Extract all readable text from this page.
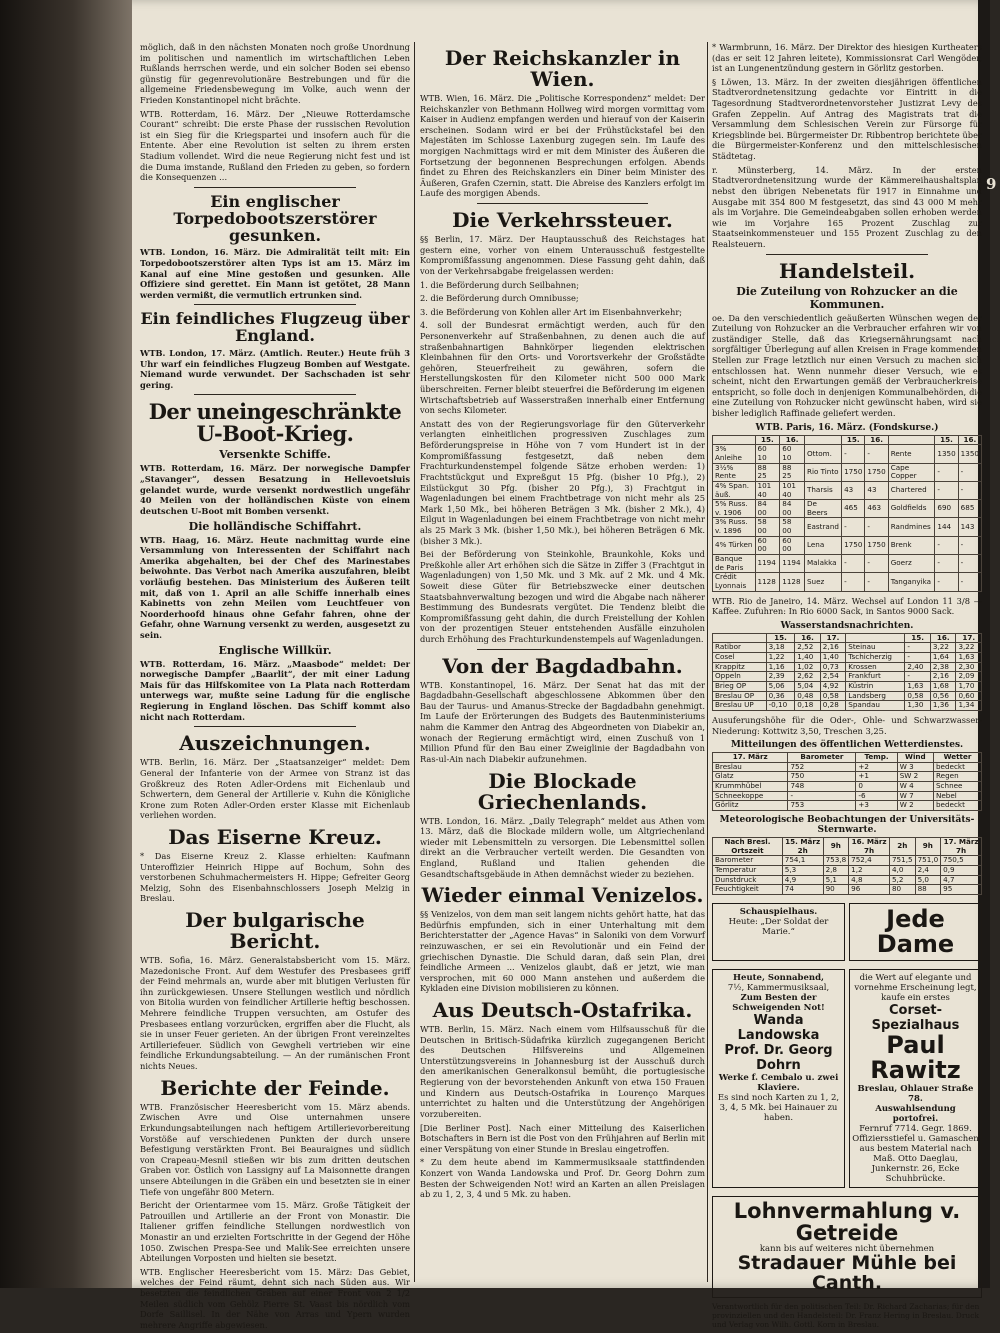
9

möglich, daß in den nächsten Monaten noch große Unordnung im politischen und namentlich im wirtschaftlichen Leben Rußlands herrschen werde, und ein solcher Boden sei ebenso günstig für gegenrevolutionäre Bestrebungen und für die allgemeine Friedensbewegung im Volke, auch wenn der Frieden Konstantinopel nicht brächte.

WTB. Rotterdam, 16. März. Der „Nieuwe Rotterdamsche Courant“ schreibt: Die erste Phase der russischen Revolution ist ein Sieg für die Kriegspartei und insofern auch für die Entente. Aber eine Revolution ist selten zu ihrem ersten Stadium vollendet. Wird die neue Regierung nicht fest und ist die Duma imstande, Rußland den Frieden zu geben, so fordern die Konsequenzen ...

Ein englischer Torpedobootszerstörer gesunken.

WTB. London, 16. März. Die Admiralität teilt mit: Ein Torpedobootszerstörer alten Typs ist am 15. März im Kanal auf eine Mine gestoßen und gesunken. Alle Offiziere sind gerettet. Ein Mann ist getötet, 28 Mann werden vermißt, die vermutlich ertrunken sind.

Ein feindliches Flugzeug über England.

WTB. London, 17. März. (Amtlich. Reuter.) Heute früh 3 Uhr warf ein feindliches Flugzeug Bomben auf Westgate. Niemand wurde verwundet. Der Sachschaden ist sehr gering.

Der uneingeschränkte U-Boot-Krieg.
Versenkte Schiffe.

WTB. Rotterdam, 16. März. Der norwegische Dampfer „Stavanger“, dessen Besatzung in Hellevoetsluis gelandet wurde, wurde versenkt nordwestlich ungefähr 40 Meilen von der holländischen Küste von einem deutschen U-Boot mit Bomben versenkt.

Die holländische Schiffahrt.

WTB. Haag, 16. März. Heute nachmittag wurde eine Versammlung von Interessenten der Schiffahrt nach Amerika abgehalten, bei der Chef des Marinestabes beiwohnte. Das Verbot nach Amerika auszufahren, bleibt vorläufig bestehen. Das Ministerium des Äußeren teilt mit, daß von 1. April an alle Schiffe innerhalb eines Kabinetts von zehn Meilen vom Leuchtfeuer von Noorderhoofd hinaus ohne Gefahr fahren, ohne der Gefahr, ohne Warnung versenkt zu werden, ausgesetzt zu sein.

Englische Willkür.

WTB. Rotterdam, 16. März. „Maasbode“ meldet: Der norwegische Dampfer „Baarlit“, der mit einer Ladung Mais für das Hilfskomitee von La Plata nach Rotterdam unterwegs war, mußte seine Ladung für die englische Regierung in England löschen. Das Schiff kommt also nicht nach Rotterdam.

Auszeichnungen.

WTB. Berlin, 16. März. Der „Staatsanzeiger“ meldet: Dem General der Infanterie von der Armee von Stranz ist das Großkreuz des Roten Adler-Ordens mit Eichenlaub und Schwertern, dem General der Artillerie v. Kuhn die Königliche Krone zum Roten Adler-Orden erster Klasse mit Eichenlaub verliehen worden.

Das Eiserne Kreuz.

* Das Eiserne Kreuz 2. Klasse erhielten: Kaufmann Unteroffizier Heinrich Hippe auf Bochum, Sohn des verstorbenen Schuhmachermeisters H. Hippe; Gefreiter Georg Melzig, Sohn des Eisenbahnschlossers Joseph Melzig in Breslau.

Der bulgarische Bericht.

WTB. Sofia, 16. März. Generalstabsbericht vom 15. März. Mazedonische Front. Auf dem Westufer des Presbasees griff der Feind mehrmals an, wurde aber mit blutigen Verlusten für ihn zurückgewiesen. Unsere Stellungen westlich und nördlich von Bitolia wurden von feindlicher Artillerie heftig beschossen. Mehrere feindliche Truppen versuchten, am Ostufer des Presbasees entlang vorzurücken, ergriffen aber die Flucht, als sie in unser Feuer gerieten. An der übrigen Front vereinzeltes Artilleriefeuer. Südlich von Gewgheli vertrieben wir eine feindliche Erkundungsabteilung. — An der rumänischen Front nichts Neues.

Berichte der Feinde.

WTB. Französischer Heeresbericht vom 15. März abends. Zwischen Avre und Oise unternahmen unsere Erkundungsabteilungen nach heftigem Artillerievorbereitung Vorstöße auf verschiedenen Punkten der durch unsere Befestigung verstärkten Front. Bei Beauraignes und südlich von Crapeau-Mesnil stießen wir bis zum dritten deutschen Graben vor. Östlich von Lassigny auf La Maisonnette drangen unsere Abteilungen in die Gräben ein und besetzten sie in einer Tiefe von ungefähr 800 Metern.

Bericht der Orientarmee vom 15. März. Große Tätigkeit der Patrouillen und Artillerie an der Front von Monastir. Die Italiener griffen feindliche Stellungen nordwestlich von Monastir an und erzielten Fortschritte in der Gegend der Höhe 1050. Zwischen Prespa-See und Malik-See erreichten unsere Abteilungen Vorposten und hielten sie besetzt.

WTB. Englischer Heeresbericht vom 15. März: Das Gebiet, welches der Feind räumt, dehnt sich nach Süden aus. Wir besetzten die feindlichen Gräben auf einer Front von 2 1/2 Meilen südlich vom Gehölz Pierre St. Vaast bis nördlich vom Dorfe Saillisel. In der Nähe von Arras und Ypern wurden mehrere Angriffe abgewiesen.

Der Reichskanzler in Wien.

WTB. Wien, 16. März. Die „Politische Korrespondenz“ meldet: Der Reichskanzler von Bethmann Hollweg wird morgen vormittag vom Kaiser in Audienz empfangen werden und hierauf von der Kaiserin erscheinen. Sodann wird er bei der Frühstückstafel bei den Majestäten im Schlosse Laxenburg zugegen sein. Im Laufe des morgigen Nachmittags wird er mit dem Minister des Äußeren die Fortsetzung der begonnenen Besprechungen erfolgen. Abends findet zu Ehren des Reichskanzlers ein Diner beim Minister des Äußeren, Grafen Czernin, statt. Die Abreise des Kanzlers erfolgt im Laufe des morgigen Abends.

Die Verkehrssteuer.

§§ Berlin, 17. März. Der Hauptausschuß des Reichstages hat gestern eine, vorher von einem Unterausschuß festgestellte Kompromißfassung angenommen. Diese Fassung geht dahin, daß von der Verkehrsabgabe freigelassen werden:

1. die Beförderung durch Seilbahnen;

2. die Beförderung durch Omnibusse;

3. die Beförderung von Kohlen aller Art im Eisenbahnverkehr;

4. soll der Bundesrat ermächtigt werden, auch für den Personenverkehr auf Straßenbahnen, zu denen auch die auf straßenbahnartigen Bahnkörper liegenden elektrischen Kleinbahnen für den Orts- und Vorortsverkehr der Großstädte gehören, Steuerfreiheit zu gewähren, sofern die Herstellungskosten für den Kilometer nicht 500 000 Mark überschreiten. Ferner bleibt steuerfrei die Beförderung im eigenen Wirtschaftsbetrieb auf Wasserstraßen innerhalb einer Entfernung von sechs Kilometer.

Anstatt des von der Regierungsvorlage für den Güterverkehr verlangten einheitlichen progressiven Zuschlages zum Beförderungspreise in Höhe von 7 vom Hundert ist in der Kompromißfassung festgesetzt, daß neben dem Frachturkundenstempel folgende Sätze erhoben werden: 1) Frachtstückgut und Expreßgut 15 Pfg. (bisher 10 Pfg.), 2) Eilstückgut 30 Pfg. (bisher 20 Pfg.), 3) Frachtgut in Wagenladungen bei einem Frachtbetrage von nicht mehr als 25 Mark 1,50 Mk., bei höheren Beträgen 3 Mk. (bisher 2 Mk.), 4) Eilgut in Wagenladungen bei einem Frachtbetrage von nicht mehr als 25 Mark 3 Mk. (bisher 1,50 Mk.), bei höheren Beträgen 6 Mk. (bisher 3 Mk.).

Bei der Beförderung von Steinkohle, Braunkohle, Koks und Preßkohle aller Art erhöhen sich die Sätze in Ziffer 3 (Frachtgut in Wagenladungen) von 1,50 Mk. und 3 Mk. auf 2 Mk. und 4 Mk. Soweit diese Güter für Betriebszwecke einer deutschen Staatsbahnverwaltung bezogen und wird die Abgabe nach näherer Bestimmung des Bundesrats vergütet. Die Tendenz bleibt die Kompromißfassung geht dahin, die durch Freistellung der Kohlen von der prozentigen Steuer entstehenden Ausfälle einzuholen durch Erhöhung des Frachturkundenstempels auf Wagenladungen.

Von der Bagdadbahn.

WTB. Konstantinopel, 16. März. Der Senat hat das mit der Bagdadbahn-Gesellschaft abgeschlossene Abkommen über den Bau der Taurus- und Amanus-Strecke der Bagdadbahn genehmigt. Im Laufe der Erörterungen des Budgets des Bautenministeriums nahm die Kammer den Antrag des Abgeordneten von Diabekir an, wonach der Regierung ermächtigt wird, einen Zuschuß von 1 Million Pfund für den Bau einer Zweiglinie der Bagdadbahn von Ras-ul-Ain nach Diabekir aufzunehmen.

Die Blockade Griechenlands.

WTB. London, 16. März. „Daily Telegraph“ meldet aus Athen vom 13. März, daß die Blockade mildern wolle, um Altgriechenland wieder mit Lebensmitteln zu versorgen. Die Lebensmittel sollen direkt an die Verbraucher verteilt werden. Die Gesandten von England, Rußland und Italien gehenden die Gesandtschaftsgebäude in Athen demnächst wieder zu beziehen.

Wieder einmal Venizelos.

§§ Venizelos, von dem man seit langem nichts gehört hatte, hat das Bedürfnis empfunden, sich in einer Unterhaltung mit dem Berichterstatter der „Agence Havas“ in Saloniki von dem Vorwurf reinzuwaschen, er sei ein Revolutionär und ein Feind der griechischen Dynastie. Die Schuld daran, daß sein Plan, drei feindliche Armeen ... Venizelos glaubt, daß er jetzt, wie man versprochen, mit 60 000 Mann anstehen und außerdem die Kykladen eine Division mobilisieren zu können.

Aus Deutsch-Ostafrika.

WTB. Berlin, 15. März. Nach einem vom Hilfsausschuß für die Deutschen in Britisch-Südafrika kürzlich zugegangenen Bericht des Deutschen Hilfsvereins und Allgemeinen Unterstützungsvereins in Johannesburg ist der Ausschuß durch den amerikanischen Generalkonsul bemüht, die portugiesische Regierung von der bevorstehenden Ankunft von etwa 150 Frauen und Kindern aus Deutsch-Ostafrika in Lourenço Marques unterrichtet zu halten und die Unterstützung der Angehörigen vorzubereiten.

[Die Berliner Post]. Nach einer Mitteilung des Kaiserlichen Botschafters in Bern ist die Post von den Frühjahren auf Berlin mit einer Verspätung von einer Stunde in Breslau eingetroffen.

* Zu dem heute abend im Kammermusiksaale stattfindenden Konzert von Wanda Landowska und Prof. Dr. Georg Dohrn zum Besten der Schweigenden Not! wird an Karten an allen Preislagen ab zu 1, 2, 3, 4 und 5 Mk. zu haben.

* Warmbrunn, 16. März. Der Direktor des hiesigen Kurtheaters (das er seit 12 Jahren leitete), Kommissionsrat Carl Wengöder, ist an Lungenentzündung gestern in Görlitz gestorben.

§ Löwen, 13. März. In der zweiten diesjährigen öffentlichen Stadtverordnetensitzung gedachte vor Eintritt in die Tagesordnung Stadtverordnetenvorsteher Justizrat Levy des Grafen Zeppelin. Auf Antrag des Magistrats trat die Versammlung dem Schlesischen Verein zur Fürsorge für Kriegsblinde bei. Bürgermeister Dr. Ribbentrop berichtete über die Bürgermeister-Konferenz und den mittelschlesischen Städtetag.

r. Münsterberg, 14. März. In der ersten Stadtverordnetensitzung wurde der Kämmereihaushaltsplan nebst den übrigen Nebenetats für 1917 in Einnahme und Ausgabe mit 354 800 M festgesetzt, das sind 43 000 M mehr als im Vorjahre. Die Gemeindeabgaben sollen erhoben werden wie im Vorjahre 165 Prozent Zuschlag zur Staatseinkommensteuer und 155 Prozent Zuschlag zu den Realsteuern.

Handelsteil.
Die Zuteilung von Rohzucker an die Kommunen.

oe. Da den verschiedentlich geäußerten Wünschen wegen der Zuteilung von Rohzucker an die Verbraucher erfahren wir von zuständiger Stelle, daß das Kriegsernährungsamt nach sorgfältiger Überlegung auf allen Kreisen in Frage kommenden Stellen zur Frage letztlich nur einen Versuch zu machen sich entschlossen hat. Wenn nunmehr dieser Versuch, wie es scheint, nicht den Erwartungen gemäß der Verbraucherkreise entspricht, so folle doch in denjenigen Kommunalbehörden, die eine Zuteilung von Rohzucker nicht gewünscht haben, wird sie bisher lediglich Raffinade geliefert werden.

WTB. Paris, 16. März. (Fondskurse.)
	15.	16.		15.	16.		15.	16.
3% Anleihe	60 10	60 10	Ottom.	-	-	Rente	1350	1350
3½% Rente	88 25	88 25	Rio Tinto	1750	1750	Cape Copper	-	-
4% Span. äuß.	101 40	101 40	Tharsis	43	43	Chartered	-	-
5% Russ. v. 1906	84 00	84 00	De Beers	465	463	Goldfields	690	685
3% Russ. v. 1896	58 00	58 00	Eastrand	-	-	Randmines	144	143
4% Türken	60 00	60 00	Lena	1750	1750	Brenk	-	-
Banque de Paris	1194	1194	Malakka	-	-	Goerz	-	-
Crédit Lyonnais	1128	1128	Suez	-	-	Tanganyika	-	-

WTB. Rio de Janeiro, 14. März. Wechsel auf London 11 3/8 — Kaffee. Zufuhren: In Rio 6000 Sack, in Santos 9000 Sack.

Wasserstandsnachrichten.
	15.	16.	17.		15.	16.	17.
Ratibor	3,18	2,52	2,16	Steinau	-	3,22	3,22
Cosel	1,22	1,40	1,40	Tschicherzig	-	1,64	1,63
Krappitz	1,16	1,02	0,73	Krossen	2,40	2,38	2,30
Oppeln	2,39	2,62	2,54	Frankfurt	-	2,16	2,09
Brieg OP	5,06	5,04	4,92	Küstrin	1,63	1,68	1,70
Breslau OP	0,36	0,48	0,58	Landsberg	0,58	0,56	0,60
Breslau UP	-0,10	0,18	0,28	Spandau	1,30	1,36	1,34

Ausuferungshöhe für die Oder-, Ohle- und Schwarzwasser-Niederung: Kottwitz 3,50, Treschen 3,25.

Mitteilungen des öffentlichen Wetterdienstes.
17. März	Barometer	Temp.	Wind	Wetter
Breslau	752	+2	W 3	bedeckt
Glatz	750	+1	SW 2	Regen
Krummhübel	748	0	W 4	Schnee
Schneekoppe	-	-6	W 7	Nebel
Görlitz	753	+3	W 2	bedeckt
Meteorologische Beobachtungen der Universitäts-Sternwarte.
Nach Bresl. Ortszeit	15. März 2h	9h	16. März 7h	2h	9h	17. März 7h
Barometer	754,1	753,8	752,4	751,5	751,0	750,5
Temperatur	5,3	2,8	1,2	4,0	2,4	0,9
Dunstdruck	4,9	5,1	4,8	5,2	5,0	4,7
Feuchtigkeit	74	90	96	80	88	95
Schauspielhaus.
Heute: „Der Soldat der Marie.“	Jede Dame
Heute, Sonnabend,
7½, Kammermusiksaal,
Zum Besten der Schweigenden Not!
Wanda Landowska
Prof. Dr. Georg Dohrn
Werke f. Cembalo u. zwei Klaviere.
Es sind noch Karten zu 1, 2, 3, 4, 5 Mk. bei Hainauer zu haben.
die Wert auf elegante und vornehme Erscheinung legt, kaufe ein erstes
Corset-Spezialhaus
Paul Rawitz
Breslau, Ohlauer Straße 78.
Auswahlsendung portofrei.
Fernruf 7714. Gegr. 1869.
Offiziersstiefel u. Gamaschen aus bestem Material nach Maß. Otto Daeglau, Junkernstr. 26, Ecke Schuhbrücke.
Lohnvermahlung v. Getreide
kann bis auf weiteres nicht übernehmen
Stradauer Mühle bei Canth.
Verantwortlich für den politischen Teil: Dr. Richard Zacharias; für den provinziellen und den Handelsteil: Dr. Franz Hering in Breslau. Druck und Verlag von Wilh. Gottl. Korn in Breslau.
